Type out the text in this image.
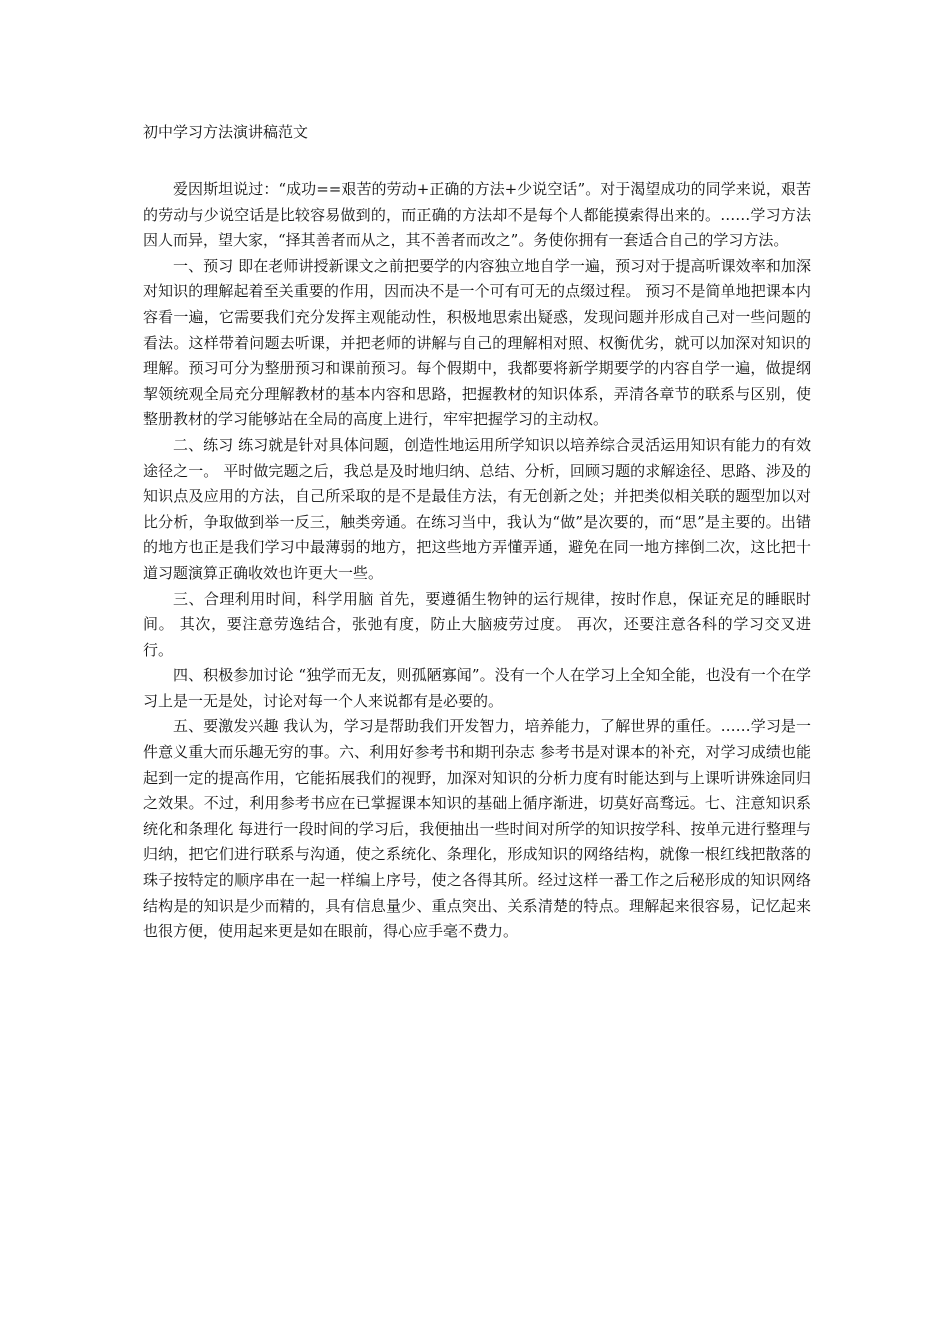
初中学习方法演讲稿范文

爱因斯坦说过：“成功==艰苦的劳动+正确的方法+少说空话”。对于渴望成功的同学来说，艰苦的劳动与少说空话是比较容易做到的，而正确的方法却不是每个人都能摸索得出来的。……学习方法因人而异，望大家，“择其善者而从之，其不善者而改之”。务使你拥有一套适合自己的学习方法。

一、预习 即在老师讲授新课文之前把要学的内容独立地自学一遍，预习对于提高听课效率和加深对知识的理解起着至关重要的作用，因而决不是一个可有可无的点缀过程。 预习不是简单地把课本内容看一遍，它需要我们充分发挥主观能动性，积极地思索出疑惑，发现问题并形成自己对一些问题的看法。这样带着问题去听课，并把老师的讲解与自己的理解相对照、权衡优劣，就可以加深对知识的理解。预习可分为整册预习和课前预习。每个假期中，我都要将新学期要学的内容自学一遍，做提纲挈领统观全局充分理解教材的基本内容和思路，把握教材的知识体系，弄清各章节的联系与区别，使整册教材的学习能够站在全局的高度上进行，牢牢把握学习的主动权。

二、练习 练习就是针对具体问题，创造性地运用所学知识以培养综合灵活运用知识有能力的有效途径之一。 平时做完题之后，我总是及时地归纳、总结、分析，回顾习题的求解途径、思路、涉及的知识点及应用的方法，自己所采取的是不是最佳方法，有无创新之处；并把类似相关联的题型加以对比分析，争取做到举一反三，触类旁通。在练习当中，我认为“做”是次要的，而“思”是主要的。出错的地方也正是我们学习中最薄弱的地方，把这些地方弄懂弄通，避免在同一地方摔倒二次，这比把十道习题演算正确收效也许更大一些。

三、合理利用时间，科学用脑 首先，要遵循生物钟的运行规律，按时作息，保证充足的睡眠时间。 其次，要注意劳逸结合，张弛有度，防止大脑疲劳过度。 再次，还要注意各科的学习交叉进行。

四、积极参加讨论 “独学而无友，则孤陋寡闻”。没有一个人在学习上全知全能，也没有一个在学习上是一无是处，讨论对每一个人来说都有是必要的。

五、要激发兴趣 我认为，学习是帮助我们开发智力，培养能力，了解世界的重任。……学习是一件意义重大而乐趣无穷的事。六、利用好参考书和期刊杂志 参考书是对课本的补充，对学习成绩也能起到一定的提高作用，它能拓展我们的视野，加深对知识的分析力度有时能达到与上课听讲殊途同归之效果。不过，利用参考书应在已掌握课本知识的基础上循序渐进，切莫好高骛远。七、注意知识系统化和条理化 每进行一段时间的学习后，我便抽出一些时间对所学的知识按学科、按单元进行整理与归纳，把它们进行联系与沟通，使之系统化、条理化，形成知识的网络结构，就像一根红线把散落的珠子按特定的顺序串在一起一样编上序号，使之各得其所。经过这样一番工作之后秘形成的知识网络结构是的知识是少而精的，具有信息量少、重点突出、关系清楚的特点。理解起来很容易，记忆起来也很方便，使用起来更是如在眼前，得心应手毫不费力。
